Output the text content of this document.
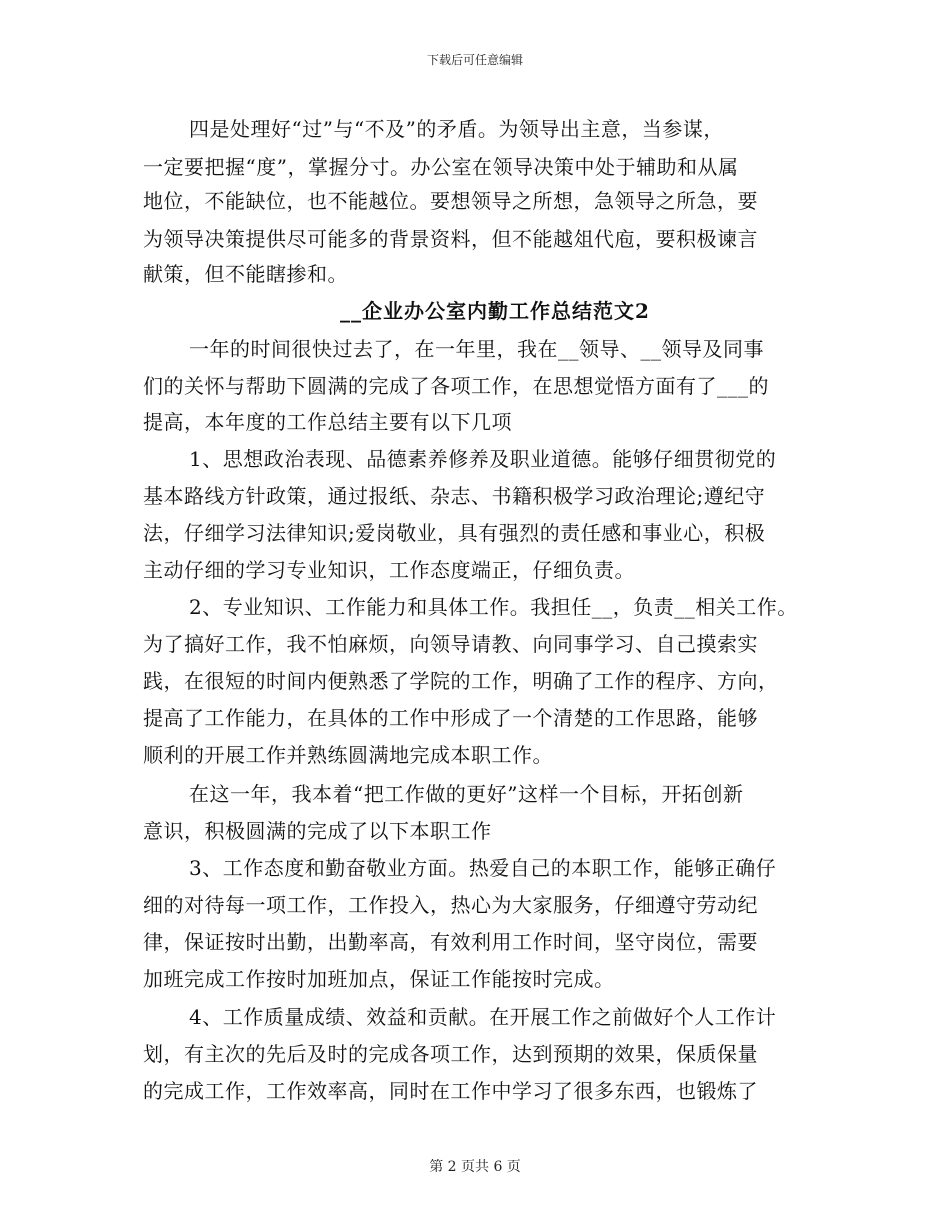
下载后可任意编辑
四是处理好“过”与“不及”的矛盾。为领导出主意，当参谋，
一定要把握“度”，掌握分寸。办公室在领导决策中处于辅助和从属
地位，不能缺位，也不能越位。要想领导之所想，急领导之所急，要
为领导决策提供尽可能多的背景资料，但不能越俎代庖，要积极谏言
献策，但不能瞎掺和。
__企业办公室内勤工作总结范文2
一年的时间很快过去了，在一年里，我在__领导、__领导及同事
们的关怀与帮助下圆满的完成了各项工作，在思想觉悟方面有了___的
提高，本年度的工作总结主要有以下几项
1、思想政治表现、品德素养修养及职业道德。能够仔细贯彻党的
基本路线方针政策，通过报纸、杂志、书籍积极学习政治理论;遵纪守
法，仔细学习法律知识;爱岗敬业，具有强烈的责任感和事业心，积极
主动仔细的学习专业知识，工作态度端正，仔细负责。
2、专业知识、工作能力和具体工作。我担任__，负责__相关工作。
为了搞好工作，我不怕麻烦，向领导请教、向同事学习、自己摸索实
践，在很短的时间内便熟悉了学院的工作，明确了工作的程序、方向，
提高了工作能力，在具体的工作中形成了一个清楚的工作思路，能够
顺利的开展工作并熟练圆满地完成本职工作。
在这一年，我本着“把工作做的更好”这样一个目标，开拓创新
意识，积极圆满的完成了以下本职工作
3、工作态度和勤奋敬业方面。热爱自己的本职工作，能够正确仔
细的对待每一项工作，工作投入，热心为大家服务，仔细遵守劳动纪
律，保证按时出勤，出勤率高，有效利用工作时间，坚守岗位，需要
加班完成工作按时加班加点，保证工作能按时完成。
4、工作质量成绩、效益和贡献。在开展工作之前做好个人工作计
划，有主次的先后及时的完成各项工作，达到预期的效果，保质保量
的完成工作，工作效率高，同时在工作中学习了很多东西，也锻炼了
第 2 页共 6 页
